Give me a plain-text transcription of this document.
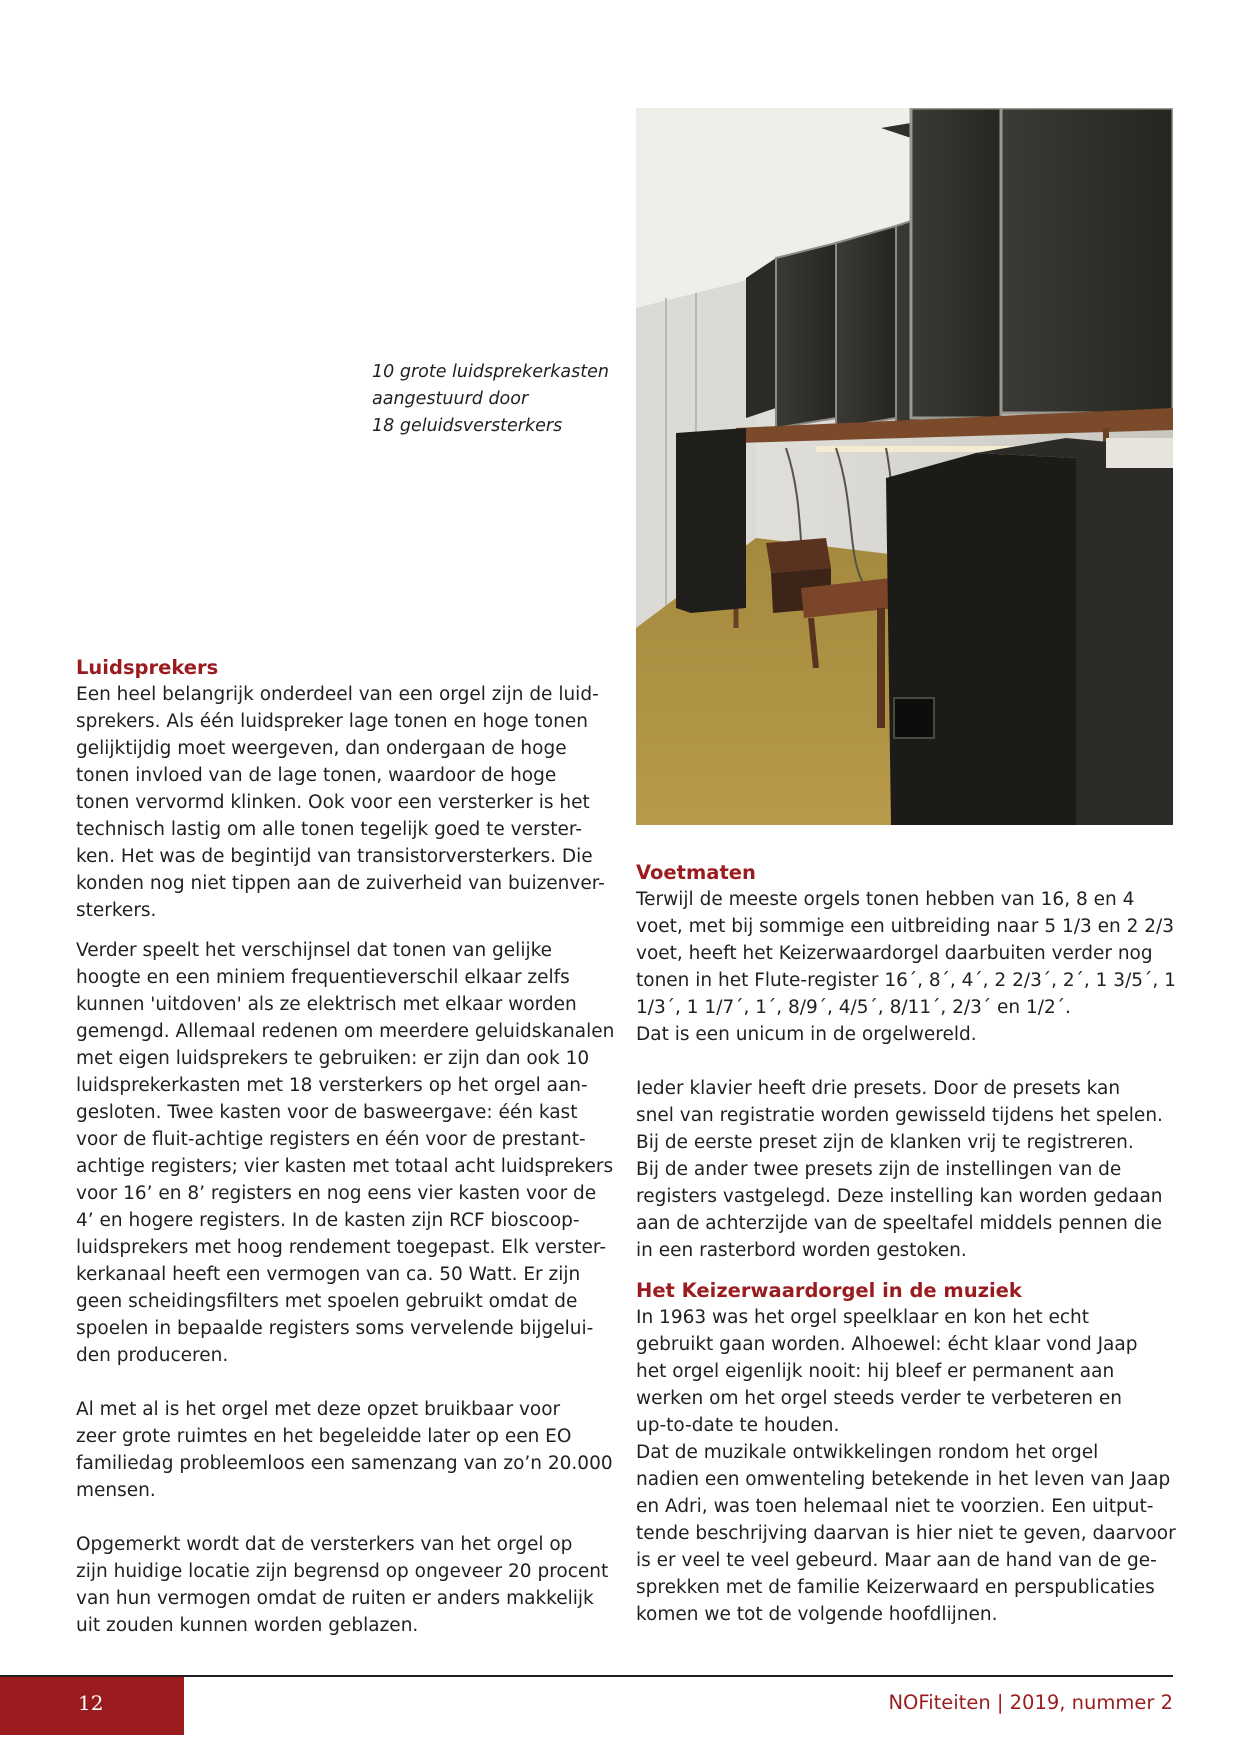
10 grote luidsprekerkasten
aangestuurd door
18 geluidsversterkers
Luidsprekers
Een heel belangrijk onderdeel van een orgel zijn de luid-
sprekers. Als één luidspreker lage tonen en hoge tonen
gelijktijdig moet weergeven, dan ondergaan de hoge
tonen invloed van de lage tonen, waardoor de hoge
tonen vervormd klinken. Ook voor een versterker is het
technisch lastig om alle tonen tegelijk goed te verster-
ken. Het was de begintijd van transistorversterkers. Die
konden nog niet tippen aan de zuiverheid van buizenver-
sterkers.
Verder speelt het verschijnsel dat tonen van gelijke
hoogte en een miniem frequentieverschil elkaar zelfs
kunnen 'uitdoven' als ze elektrisch met elkaar worden
gemengd. Allemaal redenen om meerdere geluidskanalen
met eigen luidsprekers te gebruiken: er zijn dan ook 10
luidsprekerkasten met 18 versterkers op het orgel aan-
gesloten. Twee kasten voor de basweergave: één kast
voor de fluit-achtige registers en één voor de prestant-
achtige registers; vier kasten met totaal acht luidsprekers
voor 16’ en 8’ registers en nog eens vier kasten voor de
4’ en hogere registers. In de kasten zijn RCF bioscoop-
luidsprekers met hoog rendement toegepast. Elk verster-
kerkanaal heeft een vermogen van ca. 50 Watt. Er zijn
geen scheidingsfilters met spoelen gebruikt omdat de
spoelen in bepaalde registers soms vervelende bijgelui-
den produceren.
Al met al is het orgel met deze opzet bruikbaar voor
zeer grote ruimtes en het begeleidde later op een EO
familiedag probleemloos een samenzang van zo’n 20.000
mensen.
Opgemerkt wordt dat de versterkers van het orgel op
zijn huidige locatie zijn begrensd op ongeveer 20 procent
van hun vermogen omdat de ruiten er anders makkelijk
uit zouden kunnen worden geblazen.
Voetmaten
Terwijl de meeste orgels tonen hebben van 16, 8 en 4
voet, met bij sommige een uitbreiding naar 5 1/3 en 2 2/3
voet, heeft het Keizerwaardorgel daarbuiten verder nog
tonen in het Flute-register 16´, 8´, 4´, 2 2/3´, 2´, 1 3/5´, 1
1/3´, 1 1/7´, 1´, 8/9´, 4/5´, 8/11´, 2/3´ en 1/2´.
Dat is een unicum in de orgelwereld.
Ieder klavier heeft drie presets. Door de presets kan
snel van registratie worden gewisseld tijdens het spelen.
Bij de eerste preset zijn de klanken vrij te registreren.
Bij de ander twee presets zijn de instellingen van de
registers vastgelegd. Deze instelling kan worden gedaan
aan de achterzijde van de speeltafel middels pennen die
in een rasterbord worden gestoken.
Het Keizerwaardorgel in de muziek
In 1963 was het orgel speelklaar en kon het echt
gebruikt gaan worden. Alhoewel: écht klaar vond Jaap
het orgel eigenlijk nooit: hij bleef er permanent aan
werken om het orgel steeds verder te verbeteren en
up-to-date te houden.
Dat de muzikale ontwikkelingen rondom het orgel
nadien een omwenteling betekende in het leven van Jaap
en Adri, was toen helemaal niet te voorzien. Een uitput-
tende beschrijving daarvan is hier niet te geven, daarvoor
is er veel te veel gebeurd. Maar aan de hand van de ge-
sprekken met de familie Keizerwaard en perspublicaties
komen we tot de volgende hoofdlijnen.
12	NOFiteiten | 2019, nummer 2
